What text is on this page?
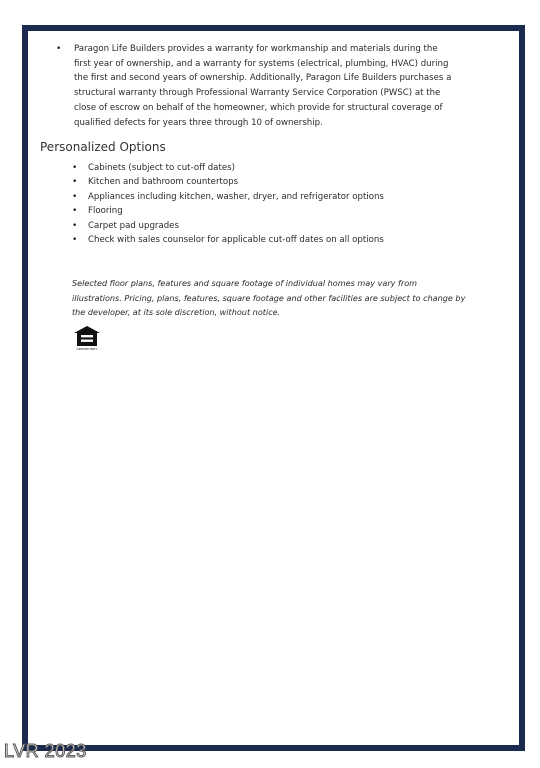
• Paragon Life Builders provides a warranty for workmanship and materials during the first year of ownership, and a warranty for systems (electrical, plumbing, HVAC) during the first and second years of ownership. Additionally, Paragon Life Builders purchases a structural warranty through Professional Warranty Service Corporation (PWSC) at the close of escrow on behalf of the homeowner, which provide for structural coverage of qualified defects for years three through 10 of ownership.
Personalized Options
• Cabinets (subject to cut-off dates)
• Kitchen and bathroom countertops
• Appliances including kitchen, washer, dryer, and refrigerator options
• Flooring
• Carpet pad upgrades
• Check with sales counselor for applicable cut-off dates on all options

Selected floor plans, features and square footage of individual homes may vary from illustrations. Pricing, plans, features, square footage and other facilities are subject to change by the developer, at its sole discretion, without notice.

OPPORTUNITY
LVR 2023
